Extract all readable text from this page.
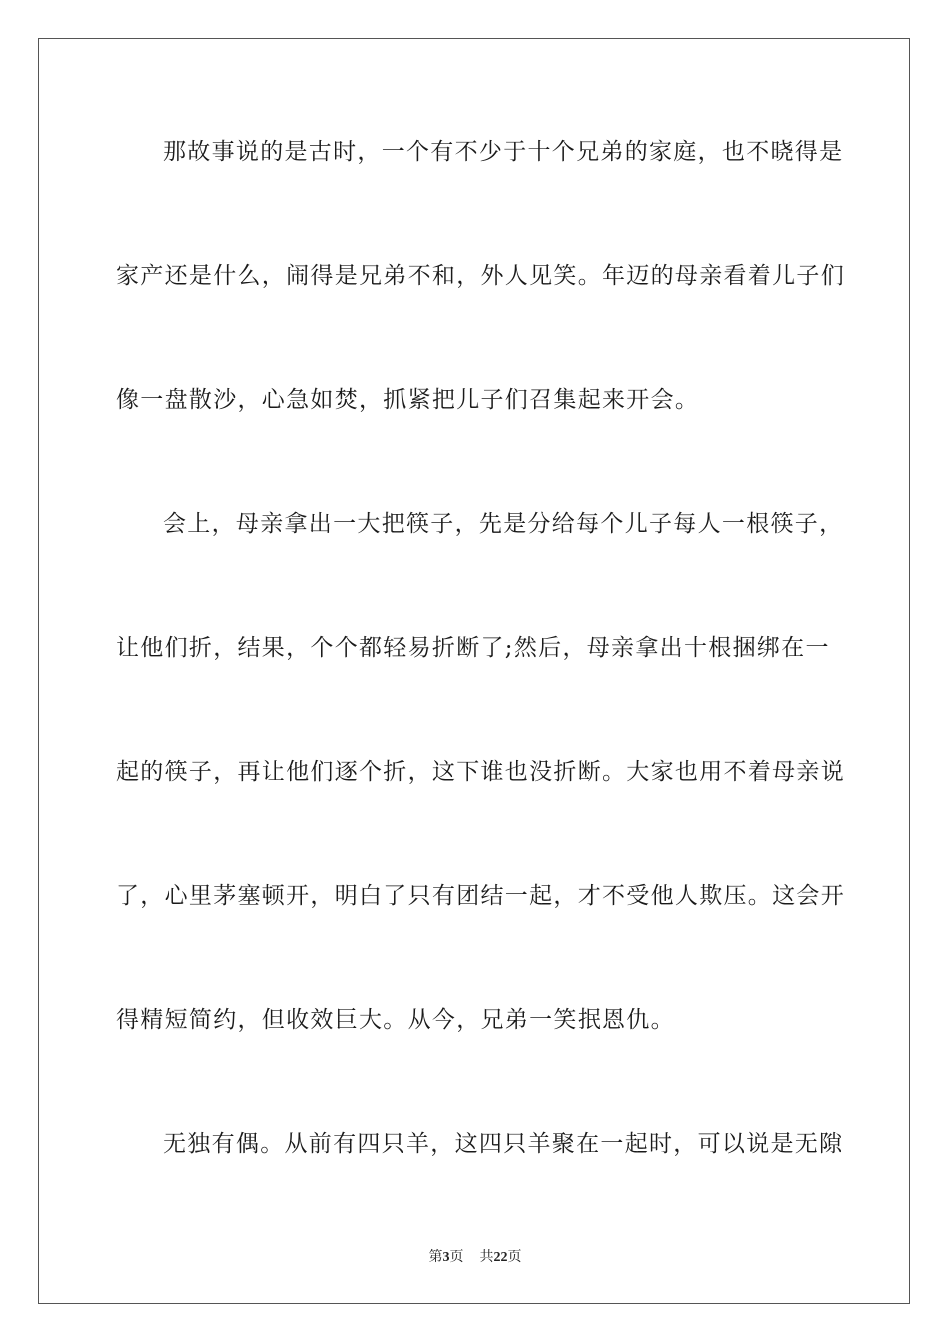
那故事说的是古时，一个有不少于十个兄弟的家庭，也不晓得是
家产还是什么，闹得是兄弟不和，外人见笑。年迈的母亲看着儿子们
像一盘散沙，心急如焚，抓紧把儿子们召集起来开会。
会上，母亲拿出一大把筷子，先是分给每个儿子每人一根筷子，
让他们折，结果，个个都轻易折断了;然后，母亲拿出十根捆绑在一
起的筷子，再让他们逐个折，这下谁也没折断。大家也用不着母亲说
了，心里茅塞顿开，明白了只有团结一起，才不受他人欺压。这会开
得精短简约，但收效巨大。从今，兄弟一笑抿恩仇。
无独有偶。从前有四只羊，这四只羊聚在一起时，可以说是无隙
第3页 共22页
